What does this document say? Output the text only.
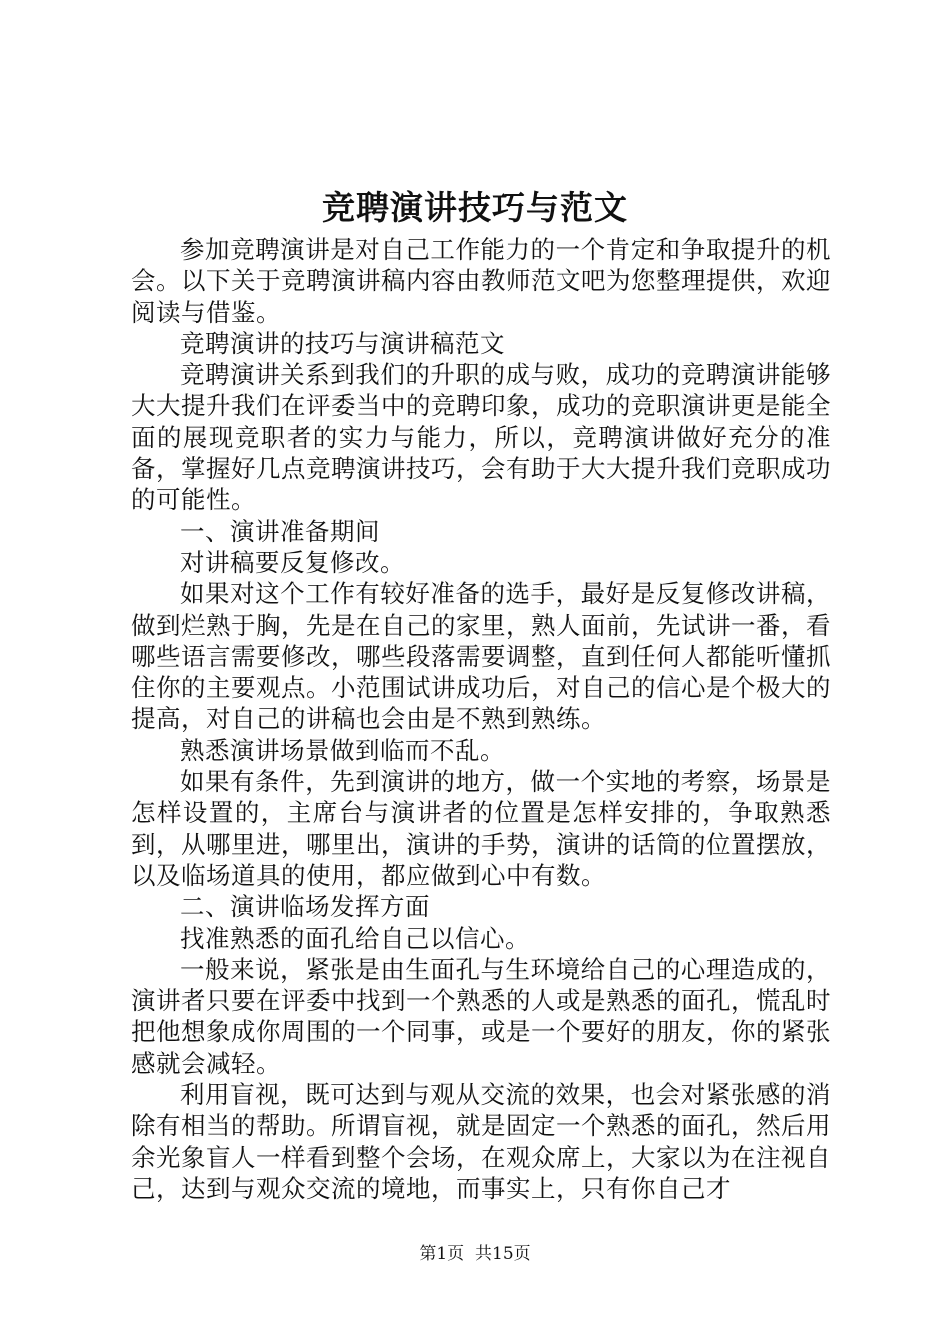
竞聘演讲技巧与范文

参加竞聘演讲是对自己工作能力的一个肯定和争取提升的机会。以下关于竞聘演讲稿内容由教师范文吧为您整理提供，欢迎阅读与借鉴。

竞聘演讲的技巧与演讲稿范文

竞聘演讲关系到我们的升职的成与败，成功的竞聘演讲能够大大提升我们在评委当中的竞聘印象，成功的竞职演讲更是能全面的展现竞职者的实力与能力，所以，竞聘演讲做好充分的准备，掌握好几点竞聘演讲技巧，会有助于大大提升我们竞职成功的可能性。

一、演讲准备期间

对讲稿要反复修改。

如果对这个工作有较好准备的选手，最好是反复修改讲稿，做到烂熟于胸，先是在自己的家里，熟人面前，先试讲一番，看哪些语言需要修改，哪些段落需要调整，直到任何人都能听懂抓住你的主要观点。小范围试讲成功后，对自己的信心是个极大的提高，对自己的讲稿也会由是不熟到熟练。

熟悉演讲场景做到临而不乱。

如果有条件，先到演讲的地方，做一个实地的考察，场景是怎样设置的，主席台与演讲者的位置是怎样安排的，争取熟悉到，从哪里进，哪里出，演讲的手势，演讲的话筒的位置摆放，以及临场道具的使用，都应做到心中有数。

二、演讲临场发挥方面

找准熟悉的面孔给自己以信心。

一般来说，紧张是由生面孔与生环境给自己的心理造成的，演讲者只要在评委中找到一个熟悉的人或是熟悉的面孔，慌乱时把他想象成你周围的一个同事，或是一个要好的朋友，你的紧张感就会减轻。

利用盲视，既可达到与观从交流的效果，也会对紧张感的消除有相当的帮助。所谓盲视，就是固定一个熟悉的面孔，然后用余光象盲人一样看到整个会场，在观众席上，大家以为在注视自己，达到与观众交流的境地，而事实上，只有你自己才

第1页 共15页
